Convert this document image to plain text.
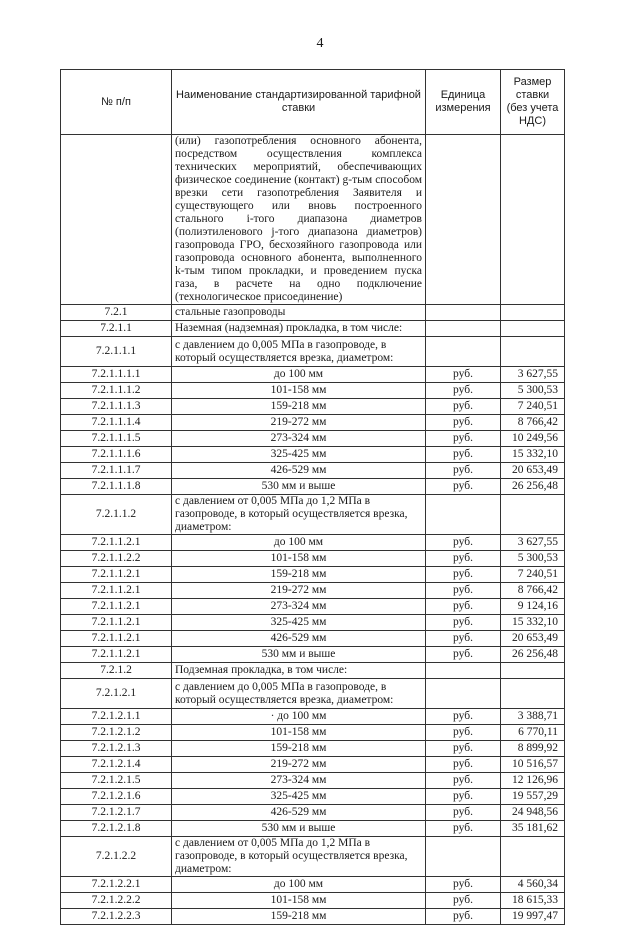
4
№ п/п	Наименование стандартизированной тарифной ставки	Единица измерения	Размер ставки (без учета НДС)
	(или) газопотребления основного абонента, посредством осуществления комплекса технических мероприятий, обеспечивающих физическое соединение (контакт) g-тым способом врезки сети газопотребления Заявителя и существующего или вновь построенного стального i-того диапазона диаметров (полиэтиленового j-того диапазона диаметров) газопровода ГРО, бесхозяйного газопровода или газопровода основного абонента, выполненного k-тым типом прокладки, и проведением пуска газа, в расчете на одно подключение (технологическое присоединение)		
7.2.1	стальные газопроводы		
7.2.1.1	Наземная (надземная) прокладка, в том числе:		
7.2.1.1.1	с давлением до 0,005 МПа в газопроводе, в который осуществляется врезка, диаметром:		
7.2.1.1.1.1	до 100 мм	руб.	3 627,55
7.2.1.1.1.2	101-158 мм	руб.	5 300,53
7.2.1.1.1.3	159-218 мм	руб.	7 240,51
7.2.1.1.1.4	219-272 мм	руб.	8 766,42
7.2.1.1.1.5	273-324 мм	руб.	10 249,56
7.2.1.1.1.6	325-425 мм	руб.	15 332,10
7.2.1.1.1.7	426-529 мм	руб.	20 653,49
7.2.1.1.1.8	530 мм и выше	руб.	26 256,48
7.2.1.1.2	с давлением от 0,005 МПа до 1,2 МПа в газопроводе, в который осуществляется врезка, диаметром:		
7.2.1.1.2.1	до 100 мм	руб.	3 627,55
7.2.1.1.2.2	101-158 мм	руб.	5 300,53
7.2.1.1.2.1	159-218 мм	руб.	7 240,51
7.2.1.1.2.1	219-272 мм	руб.	8 766,42
7.2.1.1.2.1	273-324 мм	руб.	9 124,16
7.2.1.1.2.1	325-425 мм	руб.	15 332,10
7.2.1.1.2.1	426-529 мм	руб.	20 653,49
7.2.1.1.2.1	530 мм и выше	руб.	26 256,48
7.2.1.2	Подземная прокладка, в том числе:		
7.2.1.2.1	с давлением до 0,005 МПа в газопроводе, в который осуществляется врезка, диаметром:		
7.2.1.2.1.1	· до 100 мм	руб.	3 388,71
7.2.1.2.1.2	101-158 мм	руб.	6 770,11
7.2.1.2.1.3	159-218 мм	руб.	8 899,92
7.2.1.2.1.4	219-272 мм	руб.	10 516,57
7.2.1.2.1.5	273-324 мм	руб.	12 126,96
7.2.1.2.1.6	325-425 мм	руб.	19 557,29
7.2.1.2.1.7	426-529 мм	руб.	24 948,56
7.2.1.2.1.8	530 мм и выше	руб.	35 181,62
7.2.1.2.2	с давлением от 0,005 МПа до 1,2 МПа в газопроводе, в который осуществляется врезка, диаметром:		
7.2.1.2.2.1	до 100 мм	руб.	4 560,34
7.2.1.2.2.2	101-158 мм	руб.	18 615,33
7.2.1.2.2.3	159-218 мм	руб.	19 997,47
